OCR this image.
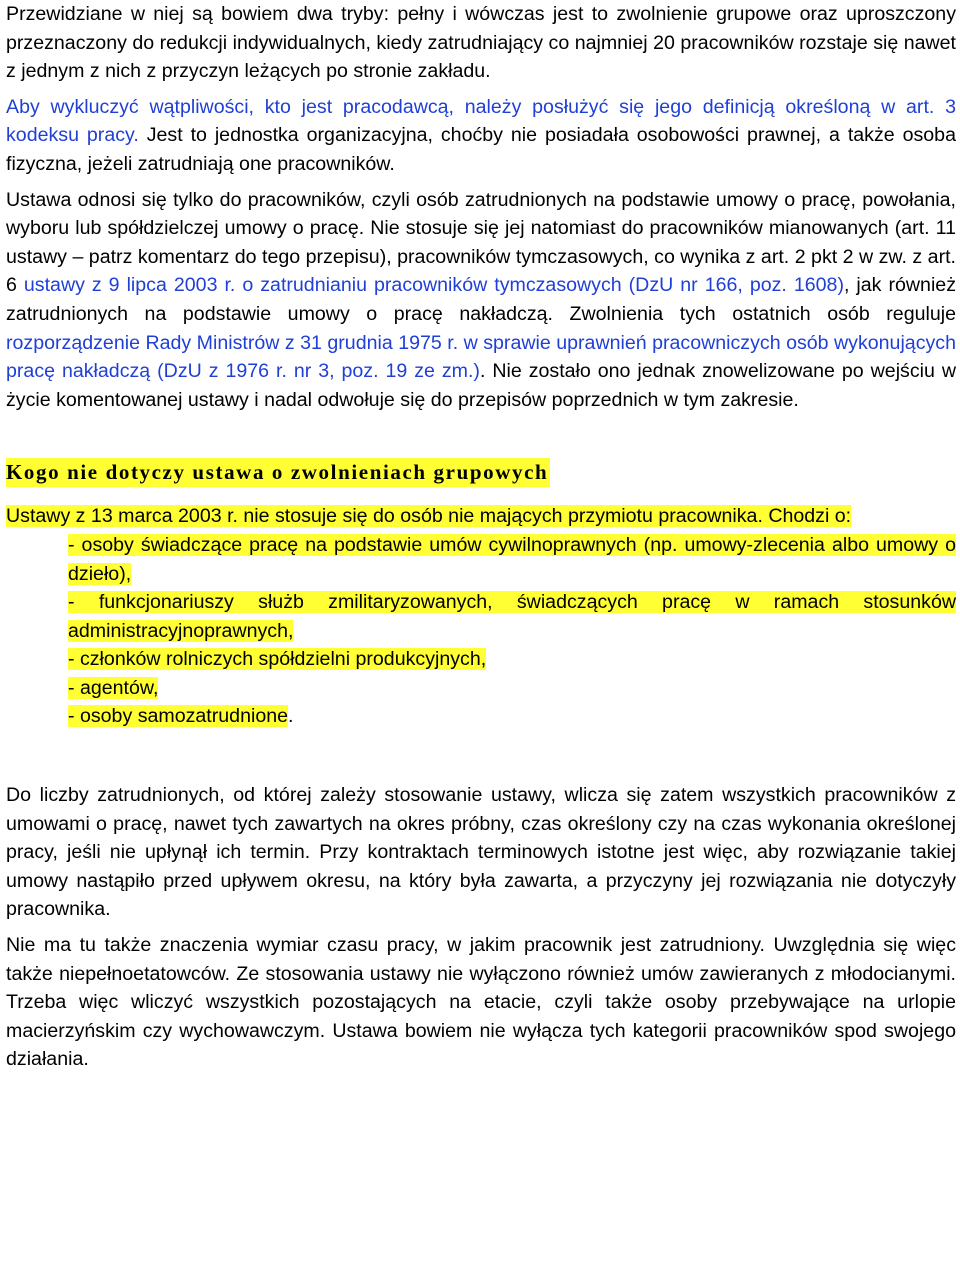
Przewidziane w niej są bowiem dwa tryby: pełny i wówczas jest to zwolnienie grupowe oraz uproszczony przeznaczony do redukcji indywidualnych, kiedy zatrudniający co najmniej 20 pracowników rozstaje się nawet z jednym z nich z przyczyn leżących po stronie zakładu.

Aby wykluczyć wątpliwości, kto jest pracodawcą, należy posłużyć się jego definicją określoną w art. 3 kodeksu pracy. Jest to jednostka organizacyjna, choćby nie posiadała osobowości prawnej, a także osoba fizyczna, jeżeli zatrudniają one pracowników.

Ustawa odnosi się tylko do pracowników, czyli osób zatrudnionych na podstawie umowy o pracę, powołania, wyboru lub spółdzielczej umowy o pracę. Nie stosuje się jej natomiast do pracowników mianowanych (art. 11 ustawy – patrz komentarz do tego przepisu), pracowników tymczasowych, co wynika z art. 2 pkt 2 w zw. z art. 6 ustawy z 9 lipca 2003 r. o zatrudnianiu pracowników tymczasowych (DzU nr 166, poz. 1608), jak również zatrudnionych na podstawie umowy o pracę nakładczą. Zwolnienia tych ostatnich osób reguluje rozporządzenie Rady Ministrów z 31 grudnia 1975 r. w sprawie uprawnień pracowniczych osób wykonujących pracę nakładczą (DzU z 1976 r. nr 3, poz. 19 ze zm.). Nie zostało ono jednak znowelizowane po wejściu w życie komentowanej ustawy i nadal odwołuje się do przepisów poprzednich w tym zakresie.

Kogo nie dotyczy ustawa o zwolnieniach grupowych

Ustawy z 13 marca 2003 r. nie stosuje się do osób nie mających przymiotu pracownika. Chodzi o:

- osoby świadczące pracę na podstawie umów cywilnoprawnych (np. umowy-zlecenia albo umowy o dzieło),

- funkcjonariuszy służb zmilitaryzowanych, świadczących pracę w ramach stosunków administracyjnoprawnych,

- członków rolniczych spółdzielni produkcyjnych,

- agentów,

- osoby samozatrudnione.

Do liczby zatrudnionych, od której zależy stosowanie ustawy, wlicza się zatem wszystkich pracowników z umowami o pracę, nawet tych zawartych na okres próbny, czas określony czy na czas wykonania określonej pracy, jeśli nie upłynął ich termin. Przy kontraktach terminowych istotne jest więc, aby rozwiązanie takiej umowy nastąpiło przed upływem okresu, na który była zawarta, a przyczyny jej rozwiązania nie dotyczyły pracownika.

Nie ma tu także znaczenia wymiar czasu pracy, w jakim pracownik jest zatrudniony. Uwzględnia się więc także niepełnoetatowców. Ze stosowania ustawy nie wyłączono również umów zawieranych z młodocianymi. Trzeba więc wliczyć wszystkich pozostających na etacie, czyli także osoby przebywające na urlopie macierzyńskim czy wychowawczym. Ustawa bowiem nie wyłącza tych kategorii pracowników spod swojego działania.
